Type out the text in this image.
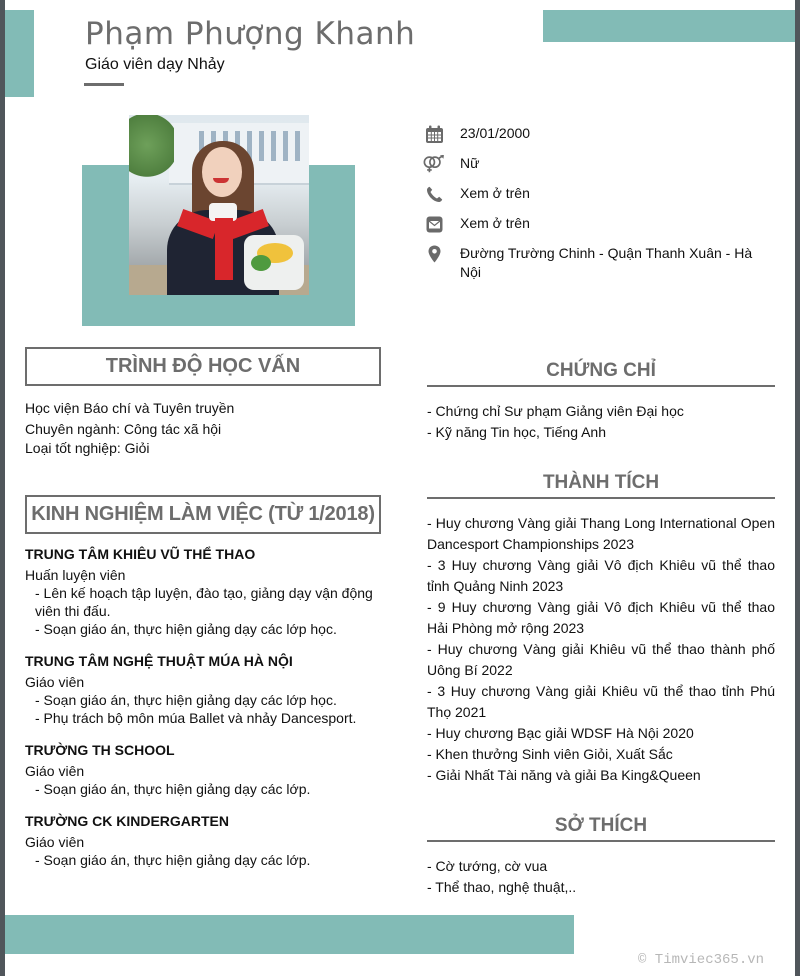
Phạm Phượng Khanh
Giáo viên dạy Nhảy
23/01/2000
Nữ
Xem ở trên
Xem ở trên
Đường Trường Chinh - Quận Thanh Xuân - Hà Nội
TRÌNH ĐỘ HỌC VẤN
Học viện Báo chí và Tuyên truyền
Chuyên ngành: Công tác xã hội
Loại tốt nghiệp: Giỏi
KINH NGHIỆM LÀM VIỆC (TỪ 1/2018)
TRUNG TÂM KHIÊU VŨ THỂ THAO
Huấn luyện viên
- Lên kế hoạch tập luyện, đào tạo, giảng dạy vận động viên thi đấu.
- Soạn giáo án, thực hiện giảng dạy các lớp học.
TRUNG TÂM NGHỆ THUẬT MÚA HÀ NỘI
Giáo viên
- Soạn giáo án, thực hiện giảng dạy các lớp học.
- Phụ trách bộ môn múa Ballet và nhảy Dancesport.
TRƯỜNG TH SCHOOL
Giáo viên
- Soạn giáo án, thực hiện giảng dạy các lớp.
TRƯỜNG CK KINDERGARTEN
Giáo viên
- Soạn giáo án, thực hiện giảng dạy các lớp.
CHỨNG CHỈ
- Chứng chỉ Sư phạm Giảng viên Đại học
- Kỹ năng Tin học, Tiếng Anh
THÀNH TÍCH
- Huy chương Vàng giải Thang Long International Open Dancesport Championships 2023
- 3 Huy chương Vàng giải Vô địch Khiêu vũ thể thao tỉnh Quảng Ninh 2023
- 9 Huy chương Vàng giải Vô địch Khiêu vũ thể thao Hải Phòng mở rộng 2023
- Huy chương Vàng giải Khiêu vũ thể thao thành phố Uông Bí 2022
- 3 Huy chương Vàng giải Khiêu vũ thể thao tỉnh Phú Thọ 2021
- Huy chương Bạc giải WDSF Hà Nội 2020
- Khen thưởng Sinh viên Giỏi, Xuất Sắc
- Giải Nhất Tài năng và giải Ba King&Queen
SỞ THÍCH
- Cờ tướng, cờ vua
- Thể thao, nghệ thuật,..
© Timviec365.vn
